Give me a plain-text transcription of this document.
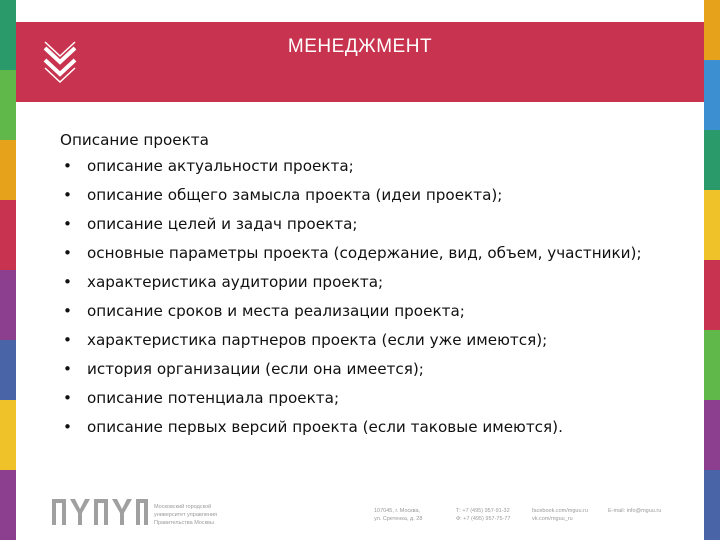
МЕНЕДЖМЕНТ
Описание проекта
• описание актуальности проекта;
• описание общего замысла проекта (идеи проекта);
• описание целей и задач проекта;
• основные параметры проекта (содержание, вид, объем, участники);
• характеристика аудитории проекта;
• описание сроков и места реализации проекта;
• характеристика партнеров проекта (если уже имеются);
• история организации (если она имеется);
• описание потенциала проекта;
• описание первых версий проекта (если таковые имеются).
Московский городской
университет управления
Правительства Москвы
107045, г. Москва,
ул. Сретенка, д. 28
Т: +7 (495) 957-91-32
Ф: +7 (495) 957-75-77
facebook.com/mguu.ru
vk.com/mguu_ru
E-mail: info@mguu.ru
